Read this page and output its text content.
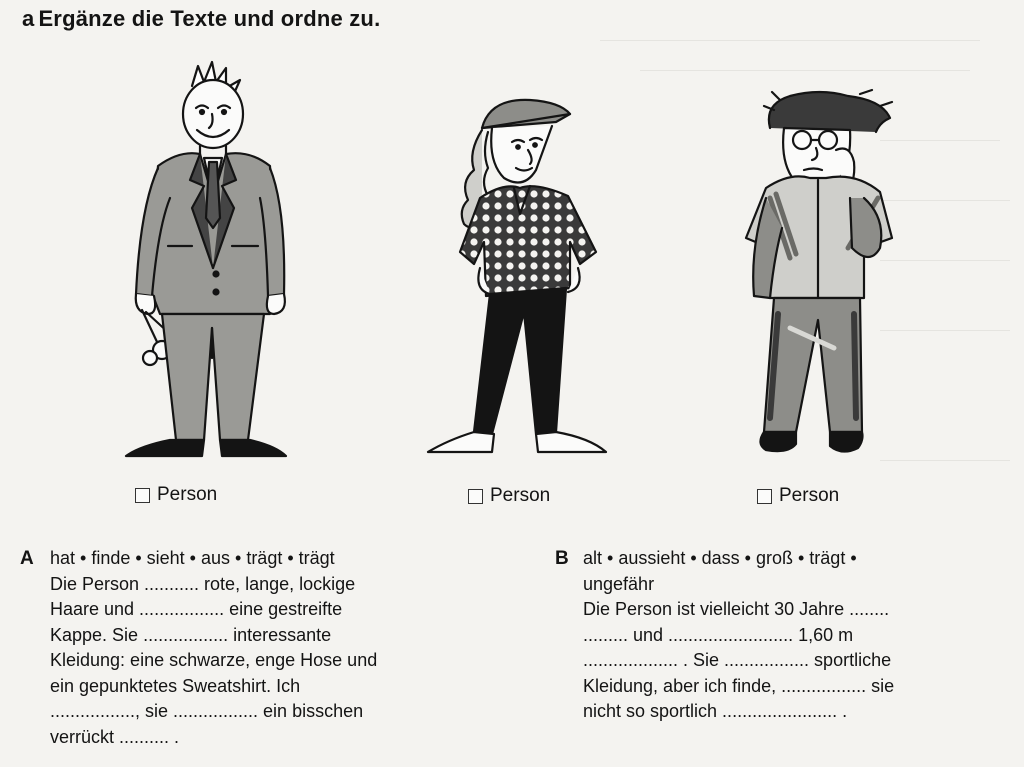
a Ergänze die Texte und ordne zu.
Person	Person	Person
A hat • finde • sieht • aus • trägt • trägt
Die Person ........... rote, lange, lockige
Haare und ................. eine gestreifte
Kappe. Sie ................. interessante
Kleidung: eine schwarze, enge Hose und
ein gepunktetes Sweatshirt. Ich
................., sie ................. ein bisschen
verrückt .......... .
B alt • aussieht • dass • groß • trägt •
ungefähr
Die Person ist vielleicht 30 Jahre ........
......... und ......................... 1,60 m
................... . Sie ................. sportliche
Kleidung, aber ich finde, ................. sie
nicht so sportlich ....................... .
